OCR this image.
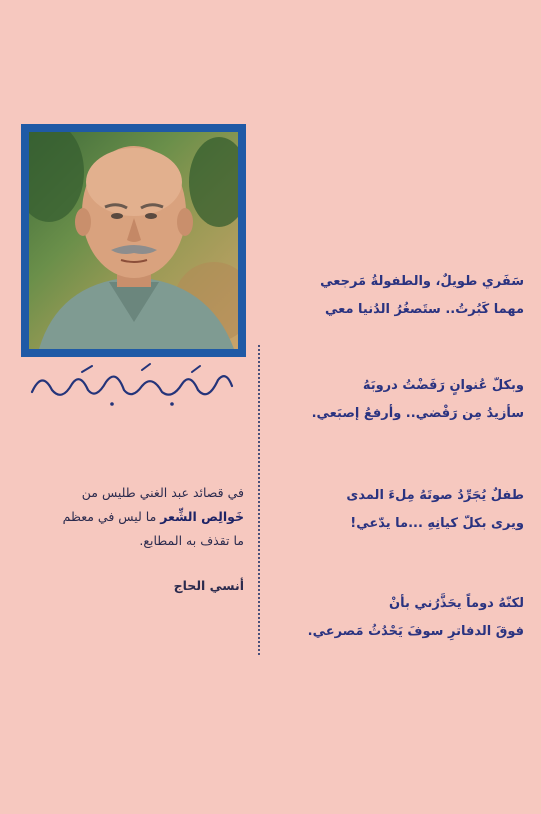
سَفَري طويلٌ، والطفولةُ مَرجعي

مهما كَبُرتُ.. ستَصغُرُ الدُنيا معي

وبكلّ عُنوانٍ رَفَضْتُ دروبَهُ

سأزيدُ مِن رَفْضي.. وأرفعُ إصبَعي.

طفلٌ يُجَرِّدُ صوتَهُ مِلءَ المدى

ويرى بكلّ كيانِهِ ...ما يدّعي!

لكنّهُ دوماً يحَذَّرُني بأنْ

فوقَ الدفاترِ سوفَ يَحْدُثُ مَصرعي.

في قصائد عبد الغني طليس من

خَوالِص الشِّعر ما ليس في معظم

ما تقذف به المطابع.

أنسي الحاج
